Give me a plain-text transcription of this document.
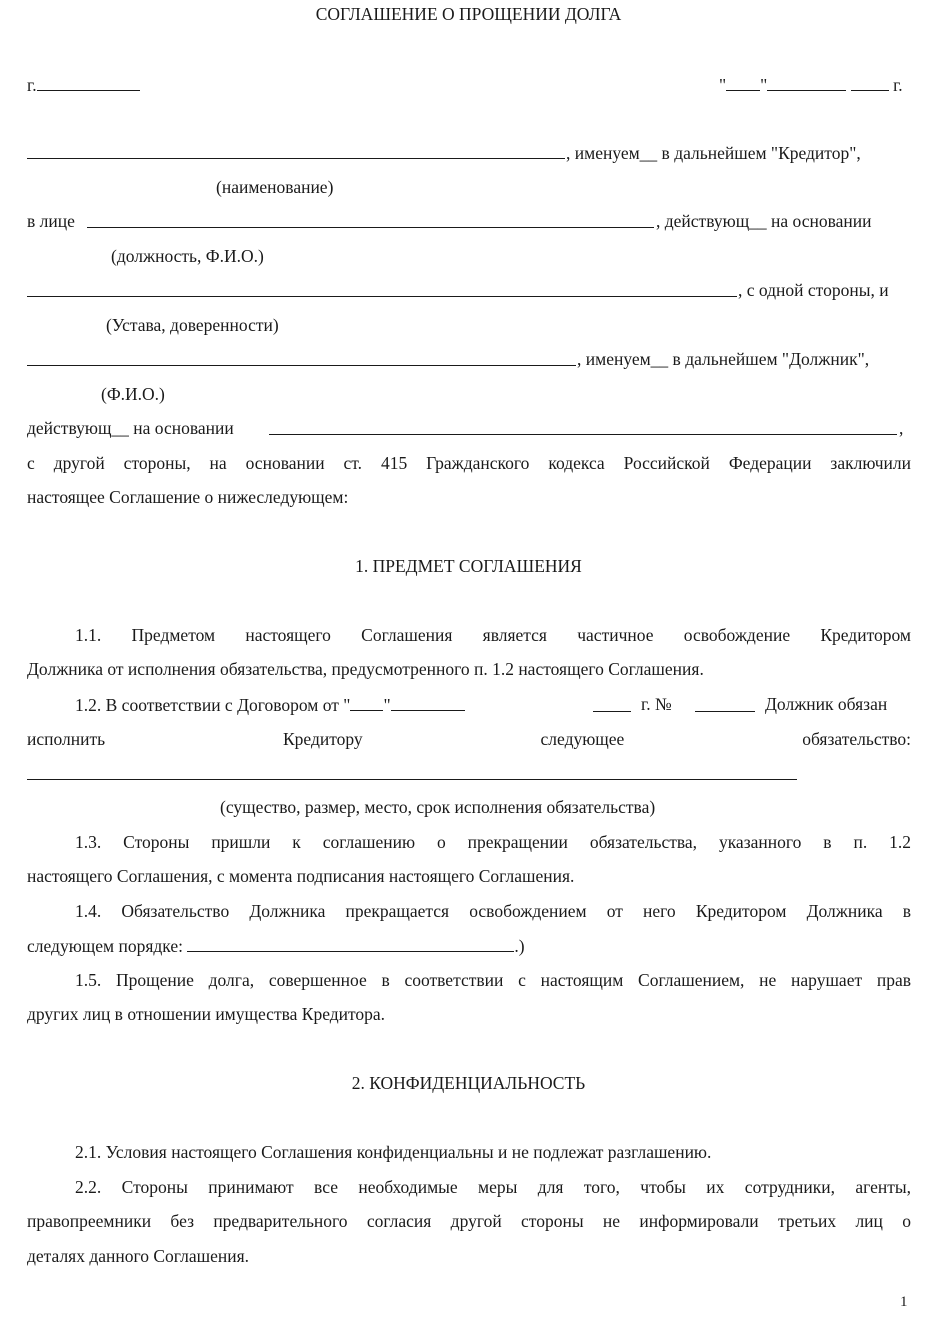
СОГЛАШЕНИЕ О ПРОЩЕНИИ ДОЛГА
г.	" "	г.
, именуем__ в дальнейшем "Кредитор",
(наименование)
в лице	, действующ__ на основании
(должность, Ф.И.О.)
, с одной стороны, и
(Устава, доверенности)
, именуем__ в дальнейшем "Должник",
(Ф.И.О.)
действующ__ на основании	,
с другой стороны, на основании ст. 415 Гражданского кодекса Российской Федерации заключили
настоящее Соглашение о нижеследующем:
1. ПРЕДМЕТ СОГЛАШЕНИЯ
1.1. Предметом настоящего Соглашения является частичное освобождение Кредитором
Должника от исполнения обязательства, предусмотренного п. 1.2 настоящего Соглашения.
1.2. В соответствии с Договором от " "	г. №	Должник обязан
исполнить Кредитору следующее обязательство:
(существо, размер, место, срок исполнения обязательства)
1.3. Стороны пришли к соглашению о прекращении обязательства, указанного в п. 1.2
настоящего Соглашения, с момента подписания настоящего Соглашения.
1.4. Обязательство Должника прекращается освобождением от него Кредитором Должника в
следующем порядке:	.)
1.5. Прощение долга, совершенное в соответствии с настоящим Соглашением, не нарушает прав
других лиц в отношении имущества Кредитора.
2. КОНФИДЕНЦИАЛЬНОСТЬ
2.1. Условия настоящего Соглашения конфиденциальны и не подлежат разглашению.
2.2. Стороны принимают все необходимые меры для того, чтобы их сотрудники, агенты,
правопреемники без предварительного согласия другой стороны не информировали третьих лиц о
деталях данного Соглашения.
1
